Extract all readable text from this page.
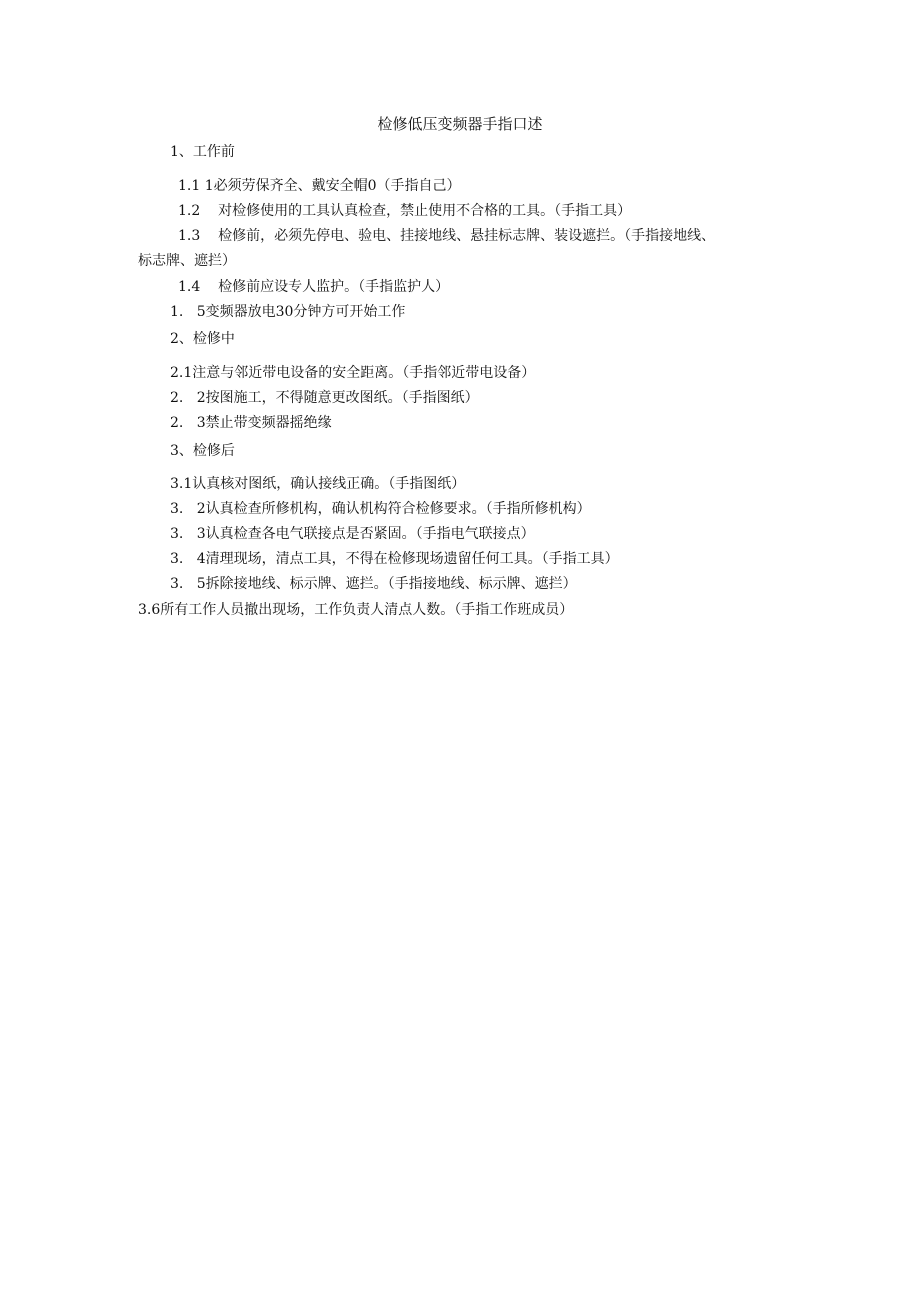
检修低压变频器手指口述
1、工作前
1.1 1必须劳保齐全、戴安全帽0（手指自己）
1.2    对检修使用的工具认真检查，禁止使用不合格的工具。（手指工具）
1.3    检修前，必须先停电、验电、挂接地线、悬挂标志牌、装设遮拦。（手指接地线、
标志牌、遮拦）
1.4    检修前应设专人监护。（手指监护人）
1.   5变频器放电30分钟方可开始工作
2、检修中
2.1注意与邻近带电设备的安全距离。（手指邻近带电设备）
2.   2按图施工，不得随意更改图纸。（手指图纸）
2.   3禁止带变频器摇绝缘
3、检修后
3.1认真核对图纸，确认接线正确。（手指图纸）
3.   2认真检查所修机构，确认机构符合检修要求。（手指所修机构）
3.   3认真检查各电气联接点是否紧固。（手指电气联接点）
3.   4清理现场，清点工具，不得在检修现场遗留任何工具。（手指工具）
3.   5拆除接地线、标示牌、遮拦。（手指接地线、标示牌、遮拦）
3.6所有工作人员撤出现场，工作负责人清点人数。（手指工作班成员）
